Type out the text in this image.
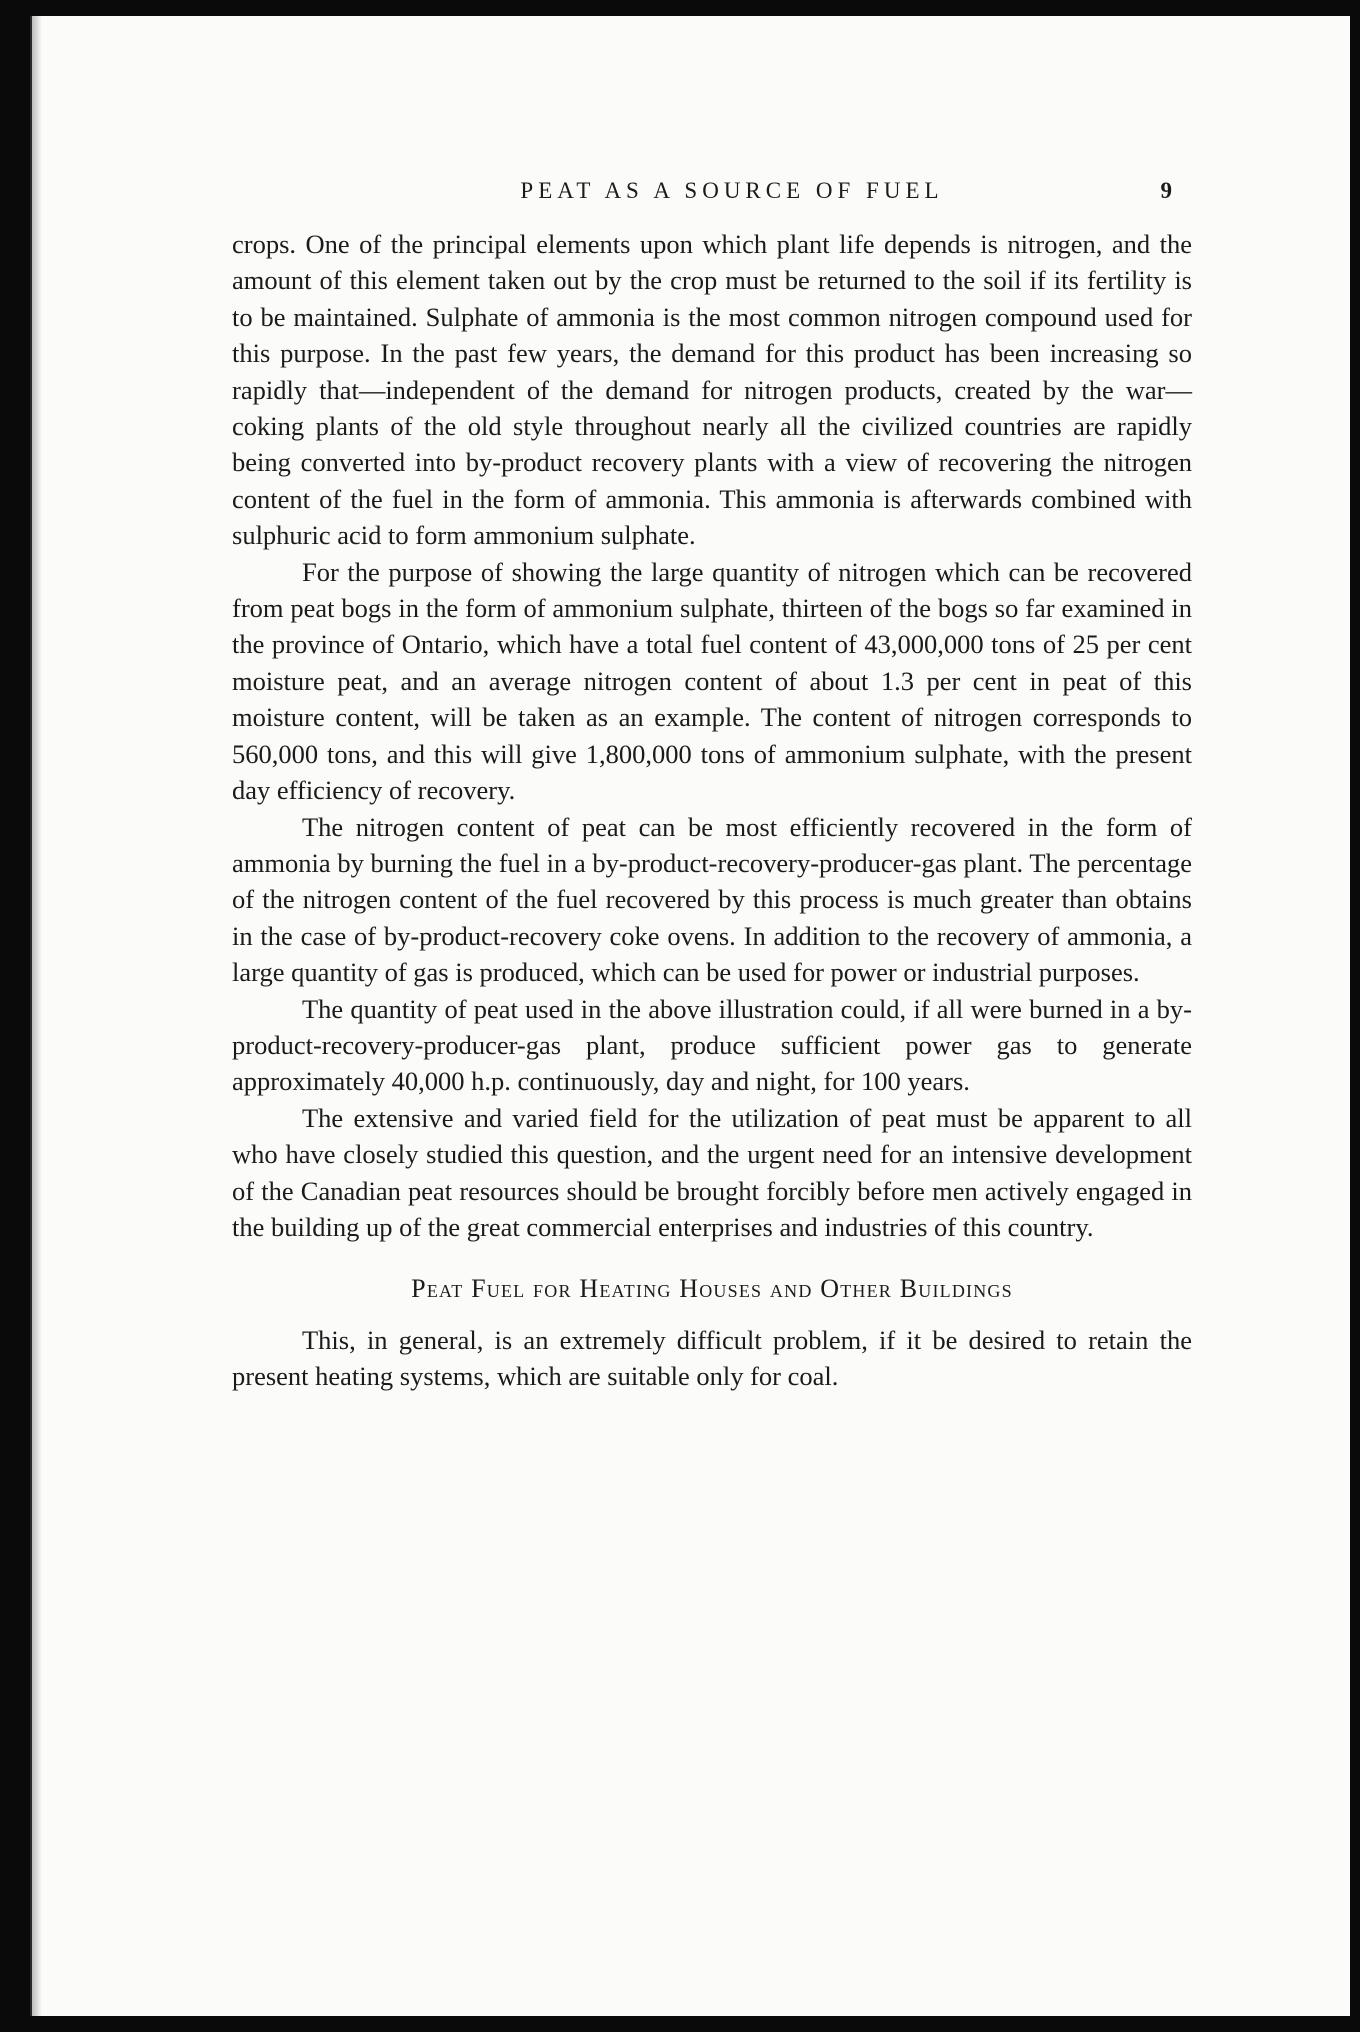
PEAT AS A SOURCE OF FUEL	9

crops. One of the principal elements upon which plant life depends is nitrogen, and the amount of this element taken out by the crop must be returned to the soil if its fertility is to be maintained. Sulphate of ammonia is the most common nitrogen compound used for this purpose. In the past few years, the demand for this product has been increasing so rapidly that—independent of the demand for nitrogen products, created by the war—coking plants of the old style throughout nearly all the civilized countries are rapidly being converted into by-product recovery plants with a view of recovering the nitrogen content of the fuel in the form of ammonia. This ammonia is afterwards combined with sulphuric acid to form ammonium sulphate.

For the purpose of showing the large quantity of nitrogen which can be recovered from peat bogs in the form of ammonium sulphate, thirteen of the bogs so far examined in the province of Ontario, which have a total fuel content of 43,000,000 tons of 25 per cent moisture peat, and an average nitrogen content of about 1.3 per cent in peat of this moisture content, will be taken as an example. The content of nitrogen corresponds to 560,000 tons, and this will give 1,800,000 tons of ammonium sulphate, with the present day efficiency of recovery.

The nitrogen content of peat can be most efficiently recovered in the form of ammonia by burning the fuel in a by-product-recovery-producer-gas plant. The percentage of the nitrogen content of the fuel recovered by this process is much greater than obtains in the case of by-product-recovery coke ovens. In addition to the recovery of ammonia, a large quantity of gas is produced, which can be used for power or industrial purposes.

The quantity of peat used in the above illustration could, if all were burned in a by-product-recovery-producer-gas plant, produce sufficient power gas to generate approximately 40,000 h.p. continuously, day and night, for 100 years.

The extensive and varied field for the utilization of peat must be apparent to all who have closely studied this question, and the urgent need for an intensive development of the Canadian peat resources should be brought forcibly before men actively engaged in the building up of the great commercial enterprises and industries of this country.

Peat Fuel for Heating Houses and Other Buildings

This, in general, is an extremely difficult problem, if it be desired to retain the present heating systems, which are suitable only for coal.
